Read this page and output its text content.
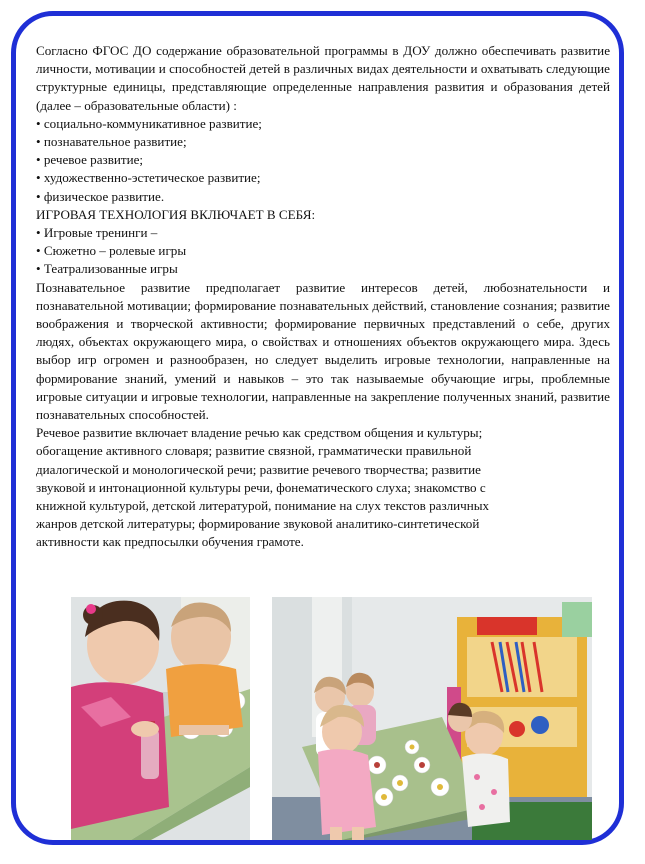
Согласно ФГОС ДО содержание образовательной программы в ДОУ должно обеспечивать развитие личности, мотивации и способностей детей в различных видах деятельности и охватывать следующие структурные единицы, представляющие определенные направления развития и образования детей (далее – образовательные области) :

• социально-коммуникативное развитие;

• познавательное развитие;

• речевое развитие;

• художественно-эстетическое развитие;

• физическое развитие.

ИГРОВАЯ ТЕХНОЛОГИЯ ВКЛЮЧАЕТ В СЕБЯ:

• Игровые тренинги –

• Сюжетно – ролевые игры

• Театрализованные игры

Познавательное развитие предполагает развитие интересов детей, любознательности и познавательной мотивации; формирование познавательных действий, становление сознания; развитие воображения и творческой активности; формирование первичных представлений о себе, других людях, объектах окружающего мира, о свойствах и отношениях объектов окружающего мира. Здесь выбор игр огромен и разнообразен, но следует выделить игровые технологии, направленные на формирование знаний, умений и навыков – это так называемые обучающие игры, проблемные игровые ситуации и игровые технологии, направленные на закрепление полученных знаний, развитие познавательных способностей.

Речевое развитие включает владение речью как средством общения и культуры;

обогащение активного словаря; развитие связной, грамматически правильной

диалогической и монологической речи; развитие речевого творчества; развитие

звуковой и интонационной культуры речи, фонематического слуха; знакомство с

книжной культурой, детской литературой, понимание на слух текстов различных

жанров детской литературы; формирование звуковой аналитико-синтетической

активности как предпосылки обучения грамоте.
